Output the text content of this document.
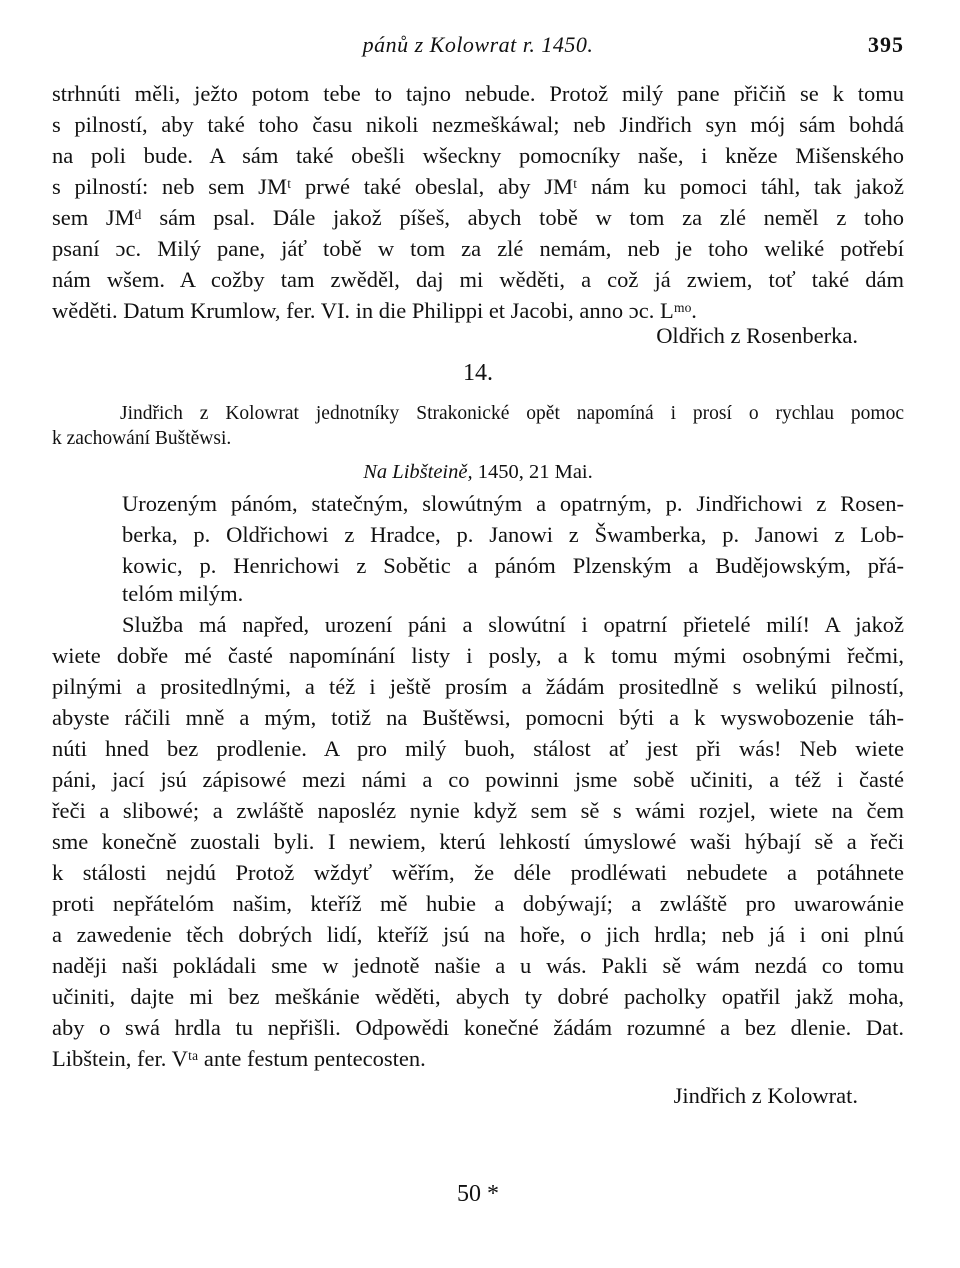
pánů z Kolowrat r. 1450.	395
strhnúti měli, ježto potom tebe to tajno nebude. Protož milý pane přičiň se k tomu
s pilností, aby také toho času nikoli nezmeškáwal; neb Jindřich syn mój sám bohdá
na poli bude. A sám také obešli wšeckny pomocníky naše, i kněze Mišenského
s pilností: neb sem JMᵗ prwé také obeslal, aby JMᵗ nám ku pomoci táhl, tak jakož
sem JMᵈ sám psal. Dále jakož píšeš, abych tobě w tom za zlé neměl z toho
psaní ɔc. Milý pane, jáť tobě w tom za zlé nemám, neb je toho weliké potřebí
nám wšem. A cožby tam zwěděl, daj mi wěděti, a což já zwiem, toť také dám
wěděti. Datum Krumlow, fer. VI. in die Philippi et Jacobi, anno ɔc. Lᵐᵒ.
Oldřich z Rosenberka.
14.
Jindřich z Kolowrat jednotníky Strakonické opět napomíná i prosí o rychlau pomoc
k zachowání Buštěwsi.
Na Libšteině, 1450, 21 Mai.
Urozeným pánóm, statečným, slowútným a opatrným, p. Jindřichowi z Rosen-
berka, p. Oldřichowi z Hradce, p. Janowi z Šwamberka, p. Janowi z Lob-
kowic, p. Henrichowi z Sobětic a pánóm Plzenským a Budějowským, přá-
telóm milým.
Služba má napřed, urození páni a slowútní i opatrní přietelé milí! A jakož
wiete dobře mé časté napomínání listy i posly, a k tomu mými osobnými řečmi,
pilnými a prositedlnými, a též i ještě prosím a žádám prositedlně s welikú pilností,
abyste ráčili mně a mým, totiž na Buštěwsi, pomocni býti a k wyswobozenie táh-
núti hned bez prodlenie. A pro milý buoh, stálost ať jest při wás! Neb wiete
páni, jací jsú zápisowé mezi námi a co powinni jsme sobě učiniti, a též i časté
řeči a slibowé; a zwláště naposléz nynie když sem sě s wámi rozjel, wiete na čem
sme konečně zuostali byli. I newiem, kterú lehkostí úmyslowé waši hýbají sě a řeči
k stálosti nejdú Protož wždyť wěřím, že déle prodléwati nebudete a potáhnete
proti nepřátelóm našim, kteříž mě hubie a dobýwají; a zwláště pro uwarowánie
a zawedenie těch dobrých lidí, kteříž jsú na hoře, o jich hrdla; neb já i oni plnú
naději naši pokládali sme w jednotě našie a u wás. Pakli sě wám nezdá co tomu
učiniti, dajte mi bez meškánie wěděti, abych ty dobré pacholky opatřil jakž moha,
aby o swá hrdla tu nepřišli. Odpowědi konečné žádám rozumné a bez dlenie. Dat.
Libštein, fer. Vᵗᵃ ante festum pentecosten.
Jindřich z Kolowrat.
50 *
